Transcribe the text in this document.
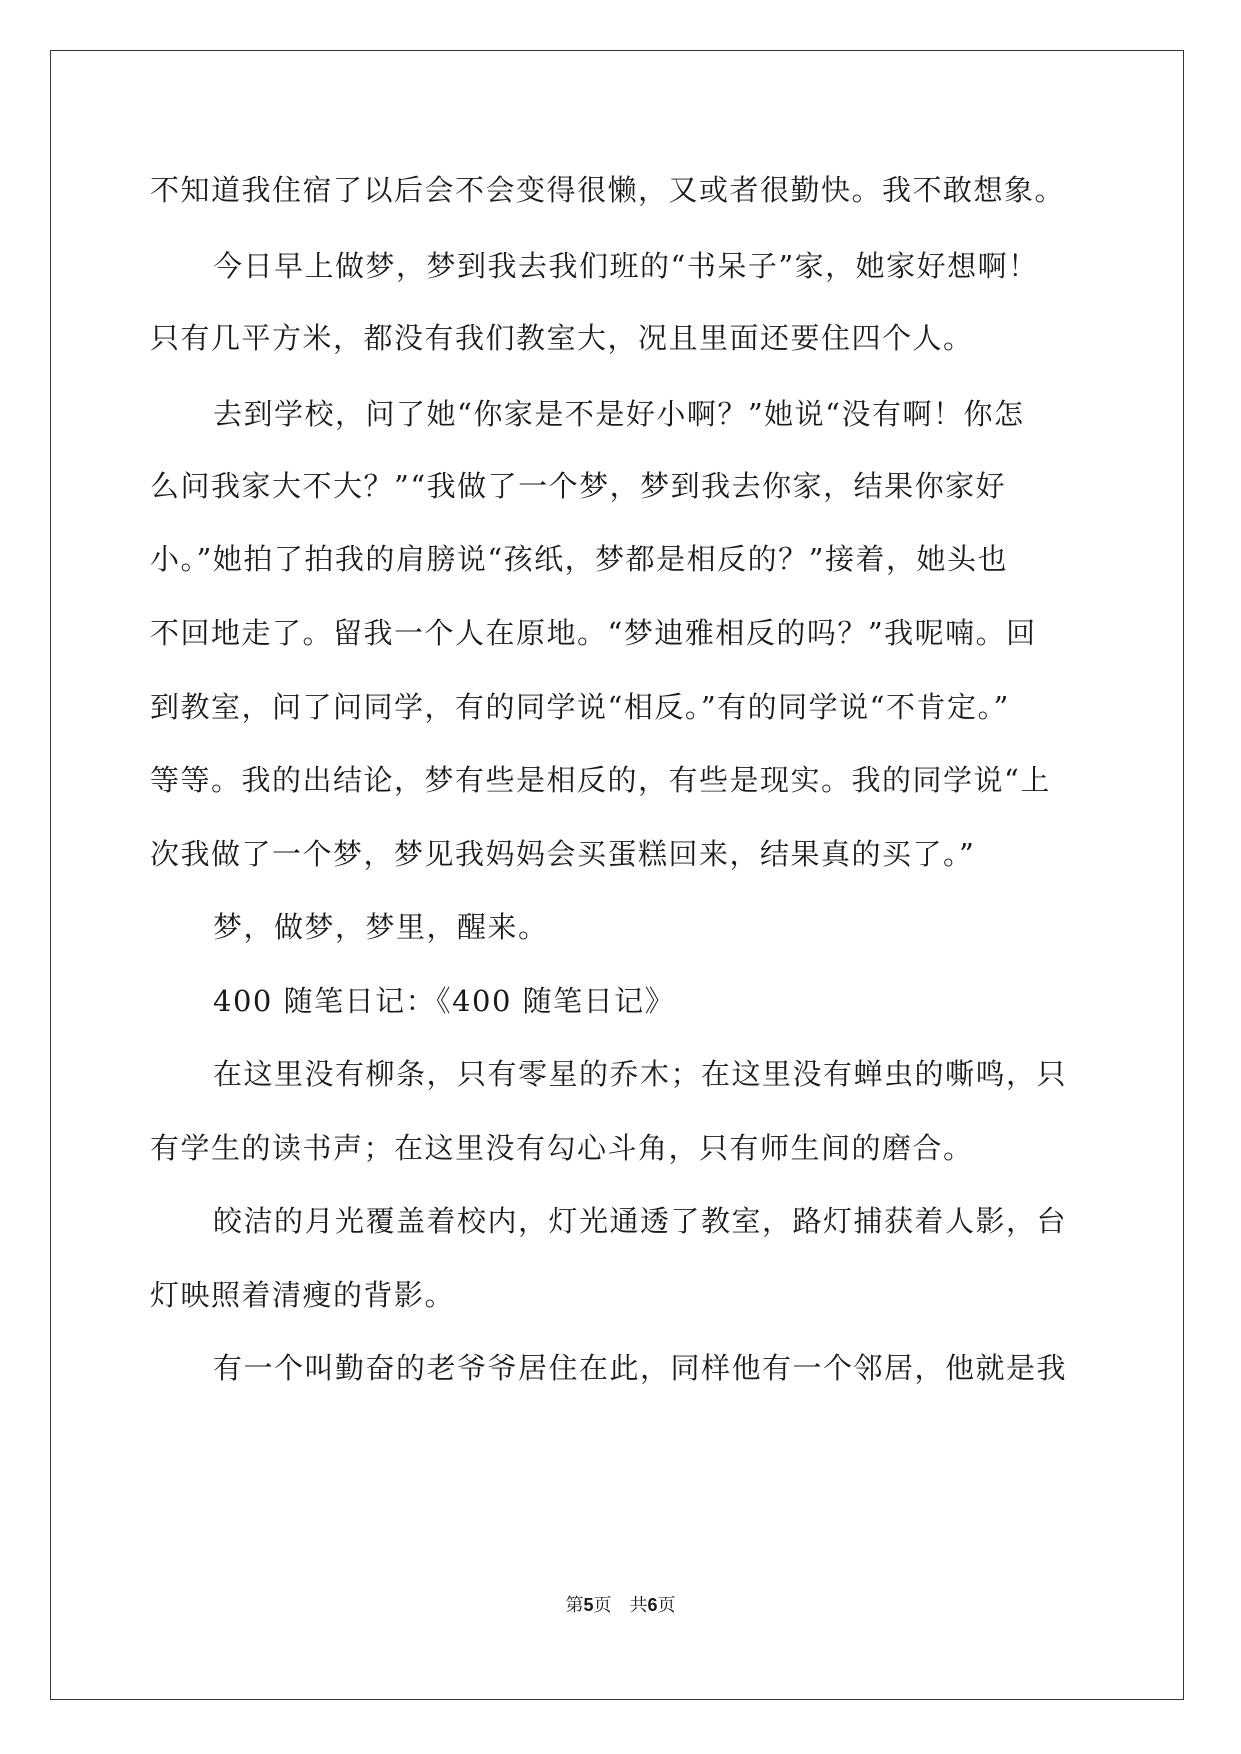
不知道我住宿了以后会不会变得很懒，又或者很勤快。我不敢想象。
今日早上做梦，梦到我去我们班的“书呆子”家，她家好想啊！
只有几平方米，都没有我们教室大，况且里面还要住四个人。
去到学校，问了她“你家是不是好小啊？”她说“没有啊！你怎
么问我家大不大？”“我做了一个梦，梦到我去你家，结果你家好
小。”她拍了拍我的肩膀说“孩纸，梦都是相反的？”接着，她头也
不回地走了。留我一个人在原地。“梦迪雅相反的吗？”我呢喃。回
到教室，问了问同学，有的同学说“相反。”有的同学说“不肯定。”
等等。我的出结论，梦有些是相反的，有些是现实。我的同学说“上
次我做了一个梦，梦见我妈妈会买蛋糕回来，结果真的买了。”
梦，做梦，梦里，醒来。
400 随笔日记：《400 随笔日记》
在这里没有柳条，只有零星的乔木；在这里没有蝉虫的嘶鸣，只
有学生的读书声；在这里没有勾心斗角，只有师生间的磨合。
皎洁的月光覆盖着校内，灯光通透了教室，路灯捕获着人影，台
灯映照着清瘦的背影。
有一个叫勤奋的老爷爷居住在此，同样他有一个邻居，他就是我
第5页 共6页
